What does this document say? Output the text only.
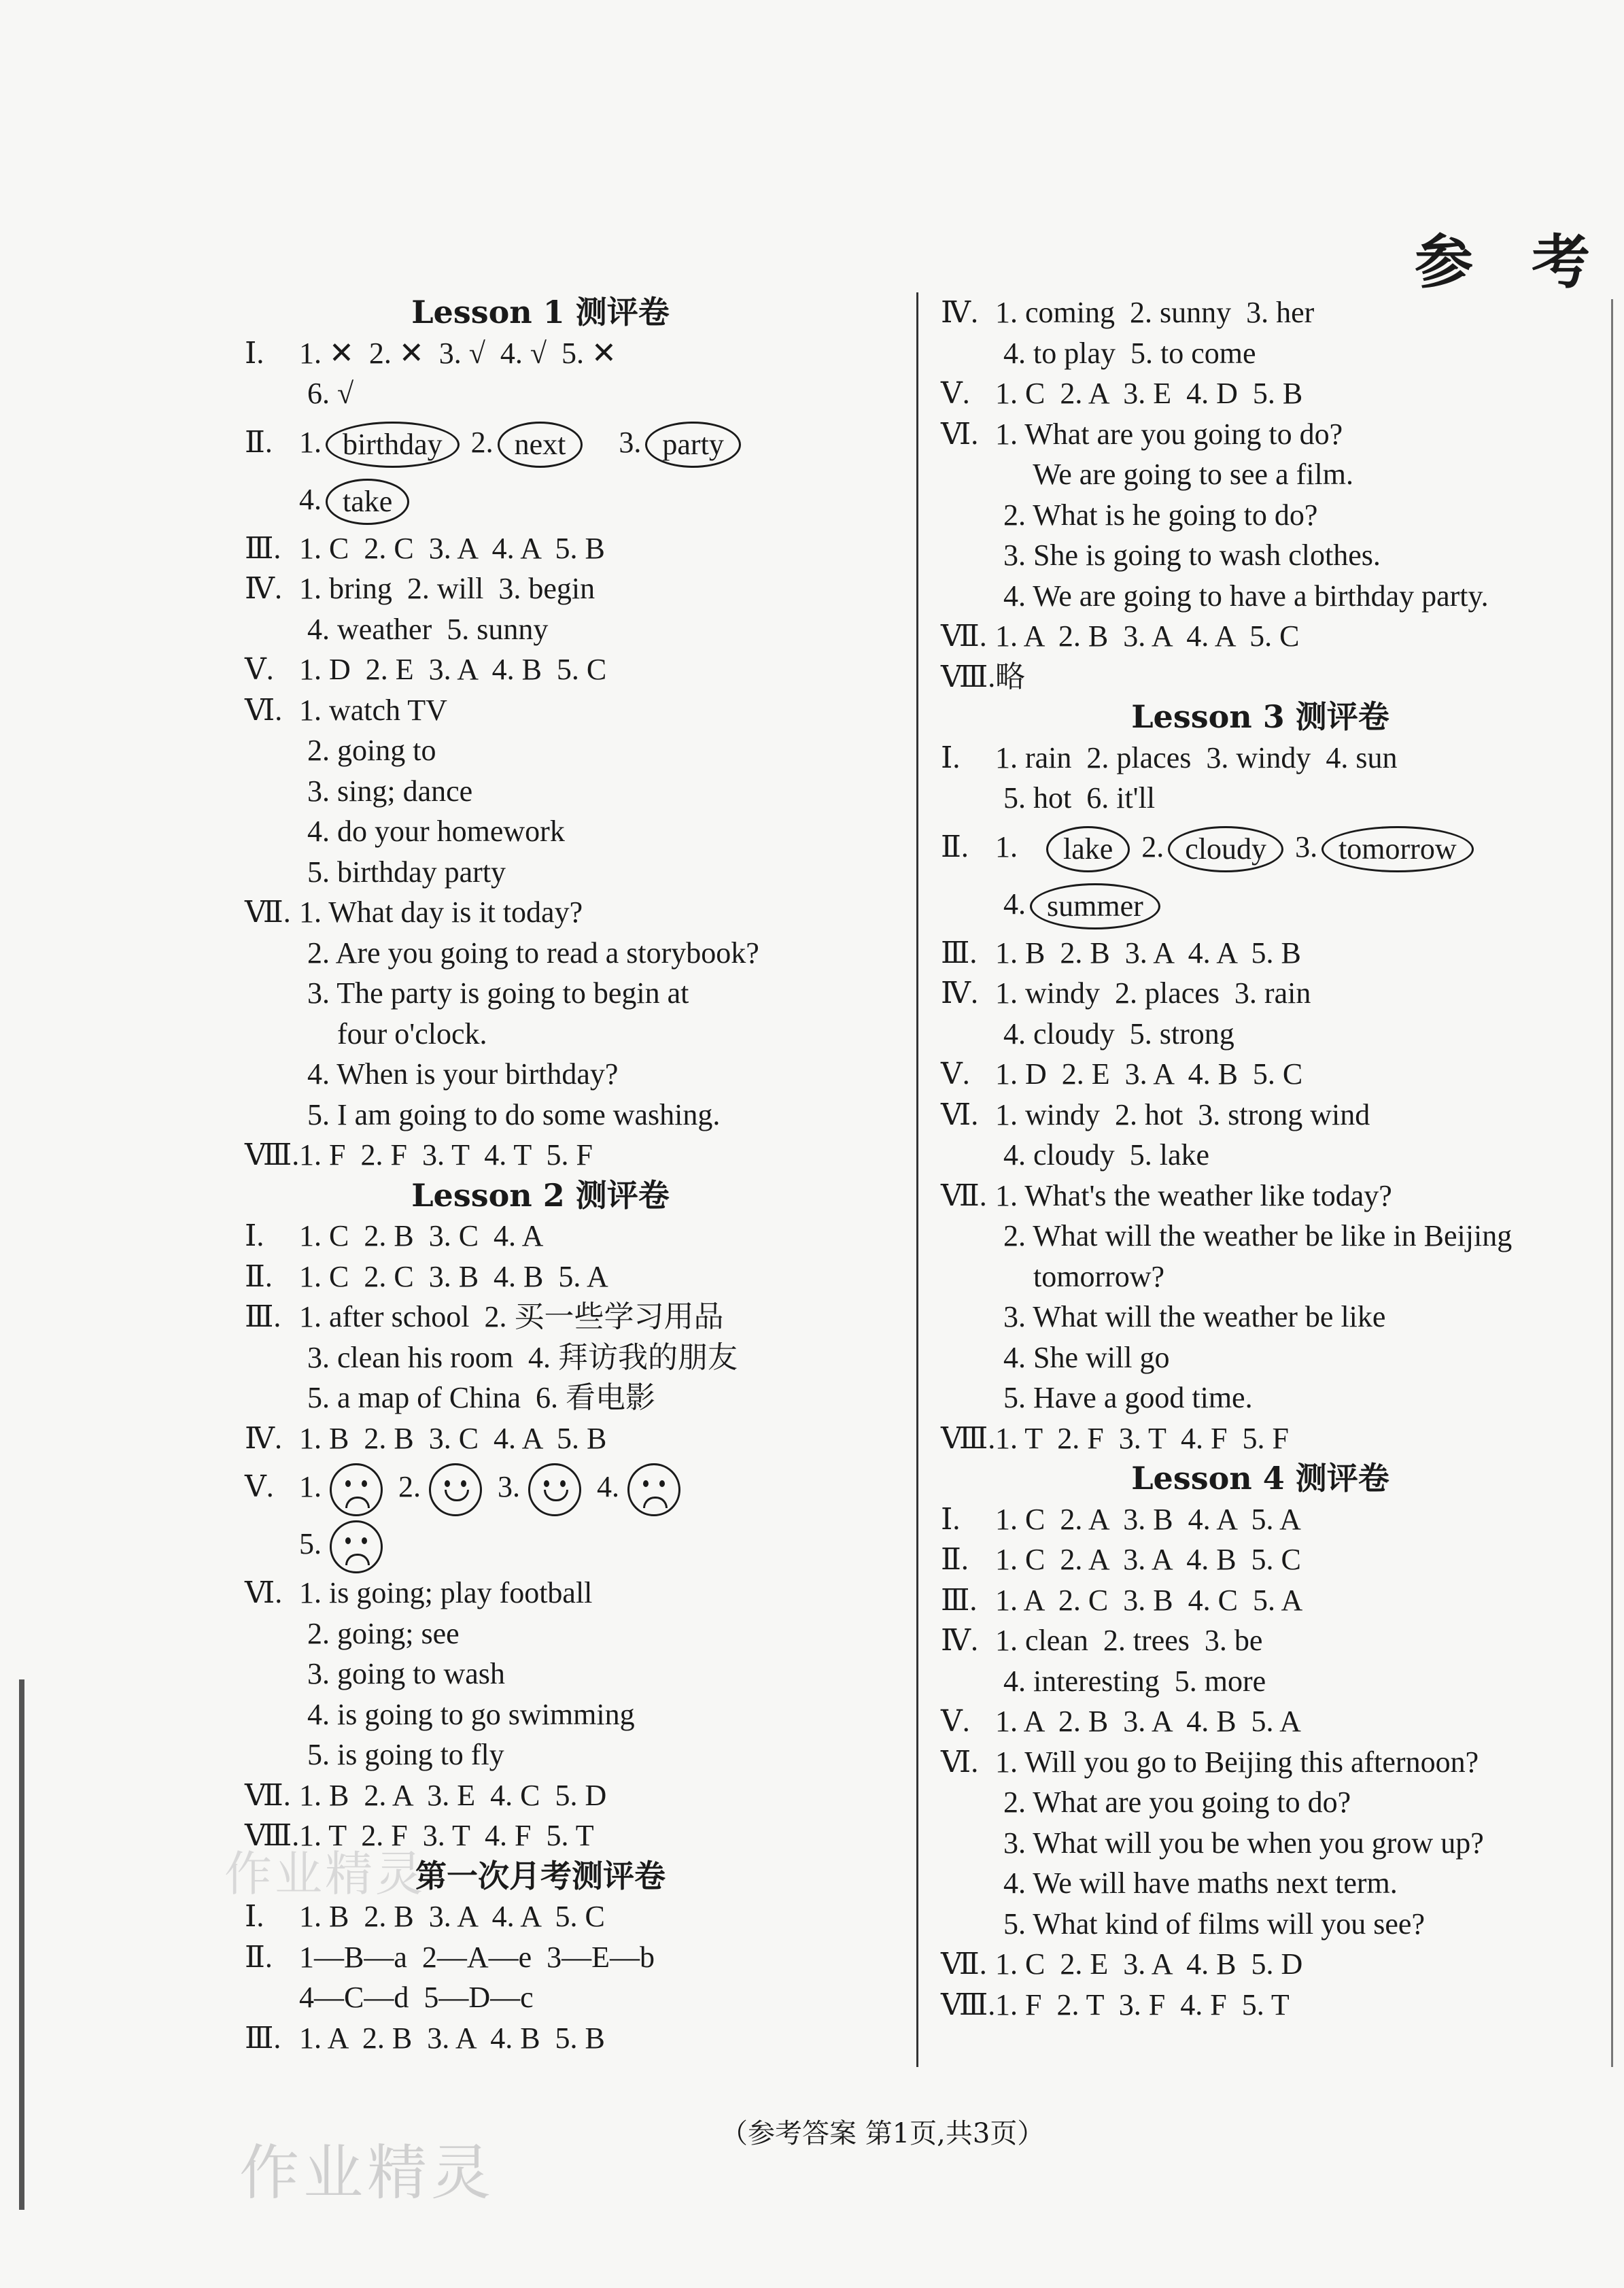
参 考
作业精灵
Lesson 1 测评卷
Ⅰ. 1. ✕  2. ✕  3. √  4. √  5. ✕
6. √
Ⅱ. 1. birthday 2. next 3. party
4. take
Ⅲ. 1. C  2. C  3. A  4. A  5. B
Ⅳ. 1. bring  2. will  3. begin
4. weather  5. sunny
Ⅴ. 1. D  2. E  3. A  4. B  5. C
Ⅵ. 1. watch TV
2. going to
3. sing; dance
4. do your homework
5. birthday party
Ⅶ. 1. What day is it today?
2. Are you going to read a storybook?
3. The party is going to begin at
four o'clock.
4. When is your birthday?
5. I am going to do some washing.
Ⅷ.1. F  2. F  3. T  4. T  5. F
Lesson 2 测评卷
Ⅰ. 1. C  2. B  3. C  4. A
Ⅱ. 1. C  2. C  3. B  4. B  5. A
Ⅲ. 1. after school  2. 买一些学习用品
3. clean his room  4. 拜访我的朋友
5. a map of China  6. 看电影
Ⅳ. 1. B  2. B  3. C  4. A  5. B
Ⅴ. 1.	2.	3.	4.
5.
Ⅵ. 1. is going; play football
2. going; see
3. going to wash
4. is going to go swimming
5. is going to fly
Ⅶ. 1. B  2. A  3. E  4. C  5. D
Ⅷ.1. T  2. F  3. T  4. F  5. T
第一次月考测评卷
Ⅰ. 1. B  2. B  3. A  4. A  5. C
Ⅱ. 1—B—a  2—A—e  3—E—b
4—C—d  5—D—c
Ⅲ. 1. A  2. B  3. A  4. B  5. B
Ⅳ. 1. coming  2. sunny  3. her
4. to play  5. to come
Ⅴ. 1. C  2. A  3. E  4. D  5. B
Ⅵ. 1. What are you going to do?
We are going to see a film.
2. What is he going to do?
3. She is going to wash clothes.
4. We are going to have a birthday party.
Ⅶ. 1. A  2. B  3. A  4. A  5. C
Ⅷ.略
Lesson 3 测评卷
Ⅰ. 1. rain  2. places  3. windy  4. sun
5. hot  6. it'll
Ⅱ. 1. lake 2. cloudy 3. tomorrow
4. summer
Ⅲ. 1. B  2. B  3. A  4. A  5. B
Ⅳ. 1. windy  2. places  3. rain
4. cloudy  5. strong
Ⅴ. 1. D  2. E  3. A  4. B  5. C
Ⅵ. 1. windy  2. hot  3. strong wind
4. cloudy  5. lake
Ⅶ. 1. What's the weather like today?
2. What will the weather be like in Beijing
tomorrow?
3. What will the weather be like
4. She will go
5. Have a good time.
Ⅷ.1. T  2. F  3. T  4. F  5. F
Lesson 4 测评卷
Ⅰ. 1. C  2. A  3. B  4. A  5. A
Ⅱ. 1. C  2. A  3. A  4. B  5. C
Ⅲ. 1. A  2. C  3. B  4. C  5. A
Ⅳ. 1. clean  2. trees  3. be
4. interesting  5. more
Ⅴ. 1. A  2. B  3. A  4. B  5. A
Ⅵ. 1. Will you go to Beijing this afternoon?
2. What are you going to do?
3. What will you be when you grow up?
4. We will have maths next term.
5. What kind of films will you see?
Ⅶ. 1. C  2. E  3. A  4. B  5. D
Ⅷ.1. F  2. T  3. F  4. F  5. T
（参考答案 第1页,共3页）
作业精灵
